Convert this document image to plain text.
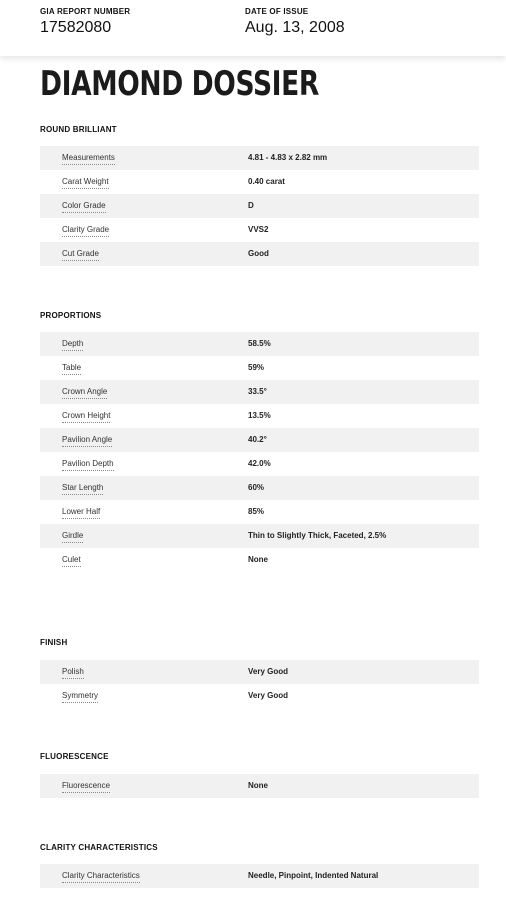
GIA REPORT NUMBER
17582080
DATE OF ISSUE
Aug. 13, 2008
DIAMOND DOSSIER
ROUND BRILLIANT
Measurements	4.81 - 4.83 x 2.82 mm
Carat Weight	0.40 carat
Color Grade	D
Clarity Grade	VVS2
Cut Grade	Good
PROPORTIONS
Depth	58.5%
Table	59%
Crown Angle	33.5°
Crown Height	13.5%
Pavilion Angle	40.2°
Pavilion Depth	42.0%
Star Length	60%
Lower Half	85%
Girdle	Thin to Slightly Thick, Faceted, 2.5%
Culet	None
FINISH
Polish	Very Good
Symmetry	Very Good
FLUORESCENCE
Fluorescence	None
CLARITY CHARACTERISTICS
Clarity Characteristics	Needle, Pinpoint, Indented Natural
